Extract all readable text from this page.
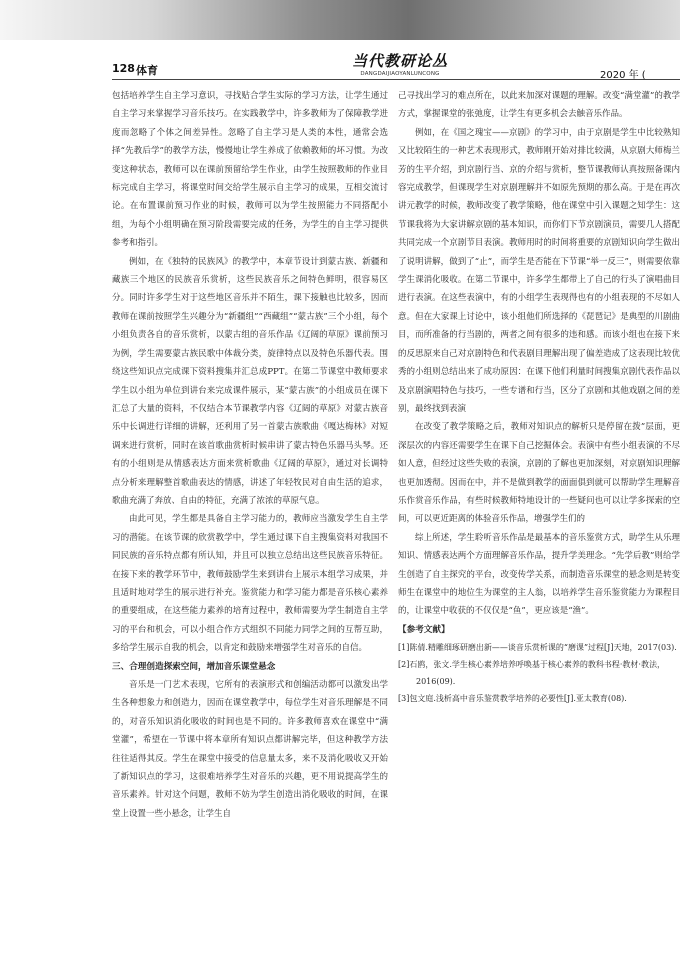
128 体育
当代教研论丛
DANGDAIJIAOYANLUNCONG	2020 年 (

包括培养学生自主学习意识，寻找贴合学生实际的学习方法，让学生通过自主学习来掌握学习音乐技巧。在实践教学中，许多教师为了保障教学进度而忽略了个体之间差异性。忽略了自主学习是人类的本性，通常会选择“先教后学”的教学方法，慢慢地让学生养成了依赖教师的坏习惯。为改变这种状态，教师可以在课前预留给学生作业，由学生按照教师的作业目标完成自主学习，将课堂时间交给学生展示自主学习的成果，互相交流讨论。在布置课前预习作业的时候，教师可以为学生按照能力不同搭配小组，为每个小组明确在预习阶段需要完成的任务，为学生的自主学习提供参考和指引。

例如，在《独特的民族风》的教学中，本章节设计到蒙古族、新疆和藏族三个地区的民族音乐赏析，这些民族音乐之间特色鲜明，很容易区分。同时许多学生对于这些地区音乐并不陌生，课下接触也比较多，因而教师在课前按照学生兴趣分为“新疆组”“西藏组”“蒙古族”三个小组，每个小组负责各自的音乐赏析，以蒙古组的音乐作品《辽阔的草原》课前预习为例，学生需要蒙古族民歌中体裁分类，旋律特点以及特色乐器代表。围绕这些知识点完成课下资料搜集并汇总成PPT。在第二节课堂中教师要求学生以小组为单位到讲台来完成课件展示，某“蒙古族”的小组成员在课下汇总了大量的资料，不仅结合本节课教学内容《辽阔的草原》对蒙古族音乐中长调进行详细的讲解，还利用了另一首蒙古族歌曲《嘎达梅林》对短调来进行赏析，同时在该首歌曲赏析时候串讲了蒙古特色乐器马头琴。还有的小组则是从情感表达方面来赏析歌曲《辽阔的草原》，通过对长调特点分析来理解整首歌曲表达的情感，讲述了年轻牧民对自由生活的追求，歌曲充满了奔放、自由的特征，充满了浓浓的草原气息。

由此可见，学生都是具备自主学习能力的，教师应当激发学生自主学习的潜能。在该节课的欣赏教学中，学生通过课下自主搜集资料对我国不同民族的音乐特点都有所认知，并且可以独立总结出这些民族音乐特征。在接下来的教学环节中，教师鼓励学生来到讲台上展示本组学习成果，并且适时地对学生的展示进行补充。鉴赏能力和学习能力都是音乐核心素养的重要组成，在这些能力素养的培育过程中，教师需要为学生制造自主学习的平台和机会，可以小组合作方式组织不同能力同学之间的互帮互助，多给学生展示自我的机会，以肯定和鼓励来增强学生对音乐的自信。

三、合理创造探索空间，增加音乐课堂悬念

音乐是一门艺术表现，它所有的表演形式和创编活动都可以激发出学生各种想象力和创造力，因而在课堂教学中，每位学生对音乐理解是不同的，对音乐知识消化吸收的时间也是不同的。许多教师喜欢在课堂中“满堂灌”，希望在一节课中将本章所有知识点都讲解完毕，但这种教学方法往往适得其反。学生在课堂中接受的信息量太多，来不及消化吸收又开始了新知识点的学习，这很难培养学生对音乐的兴趣，更不用说提高学生的音乐素养。针对这个问题，教师不妨为学生创造出消化吸收的时间，在课堂上设置一些小悬念，让学生自

己寻找出学习的难点所在，以此来加深对课题的理解。改变“满堂灌”的教学方式，掌握课堂的张弛度，让学生有更多机会去触音乐作品。

例如，在《国之瑰宝——京剧》的学习中，由于京剧是学生中比较熟知又比较陌生的一种艺术表现形式，教师刚开始对排比较满，从京剧大师梅兰芳的生平介绍，到京剧行当、京的介绍与赏析，整节课教师认真按照备课内容完成教学，但课现学生对京剧理解并不如原先预期的那么高。于是在再次讲元教学的时候，教师改变了教学策略，他在课堂中引入课题之知学生：这节课我将为大家讲解京剧的基本知识，而你们下节京剧演员，需要几人搭配共同完成一个京剧节目表演。教师用时的时间将重要的京剧知识向学生做出了说明讲解，做到了“止”，而学生是否能在下节课“举一反三”，则需要依靠学生课消化吸收。在第二节课中，许多学生都带上了自己的行头了演唱曲目进行表演。在这些表演中，有的小组学生表现得也有的小组表现的不尽如人意。但在大家课上讨论中，该小组他们所选择的《琵琶记》是典型的川剧曲目，而所准备的行当剧的，两者之间有很多的违和感。而该小组也在接下来的反思原来自己对京剧特色和代表剧目理解出现了偏差造成了这表现比较优秀的小组则总结出来了成功原因：在课下他们利量时间搜集京剧代表作品以及京剧演唱特色与技巧，一些专谱和行当，区分了京剧和其他戏剧之间的差别，最终找到表演

在改变了教学策略之后，教师对知识点的解析只是停留在拨”层面，更深层次的内容还需要学生在课下自己挖掘体会。表演中有些小组表演的不尽如人意，但经过这些失败的表演，京剧的了解也更加深刻，对京剧知识理解也更加透彻。因而在中，并不是做到教学的面面俱到就可以帮助学生理解音乐作赏音乐作品，有些时候教师特地设计的一些疑问也可以让学多探索的空间，可以更近距离的体验音乐作品，增强学生们的

综上所述，学生聆听音乐作品是最基本的音乐鉴赏方式，助学生从乐理知识、情感表达两个方面理解音乐作品，提升学美理念。“先学后教”则给学生创造了自主探究的平台，改变传学关系，而制造音乐课堂的悬念则是转变师生在课堂中的地位生为课堂的主人翁，以培养学生音乐鉴赏能力为课程目的，让课堂中收获的不仅仅是“鱼”，更应该是“渔”。

【参考文献】

[1]陈倩.精雕细琢研磨出新——谈音乐赏析课的“磨课”过程[J]天地，2017(03).

[2]石鸥，张文.学生核心素养培养呼唤基于核心素养的教科书程·教材·教法，2016(09).

[3]包文庭.浅析高中音乐鉴赏教学培养的必要性[J].亚太教育(08).
